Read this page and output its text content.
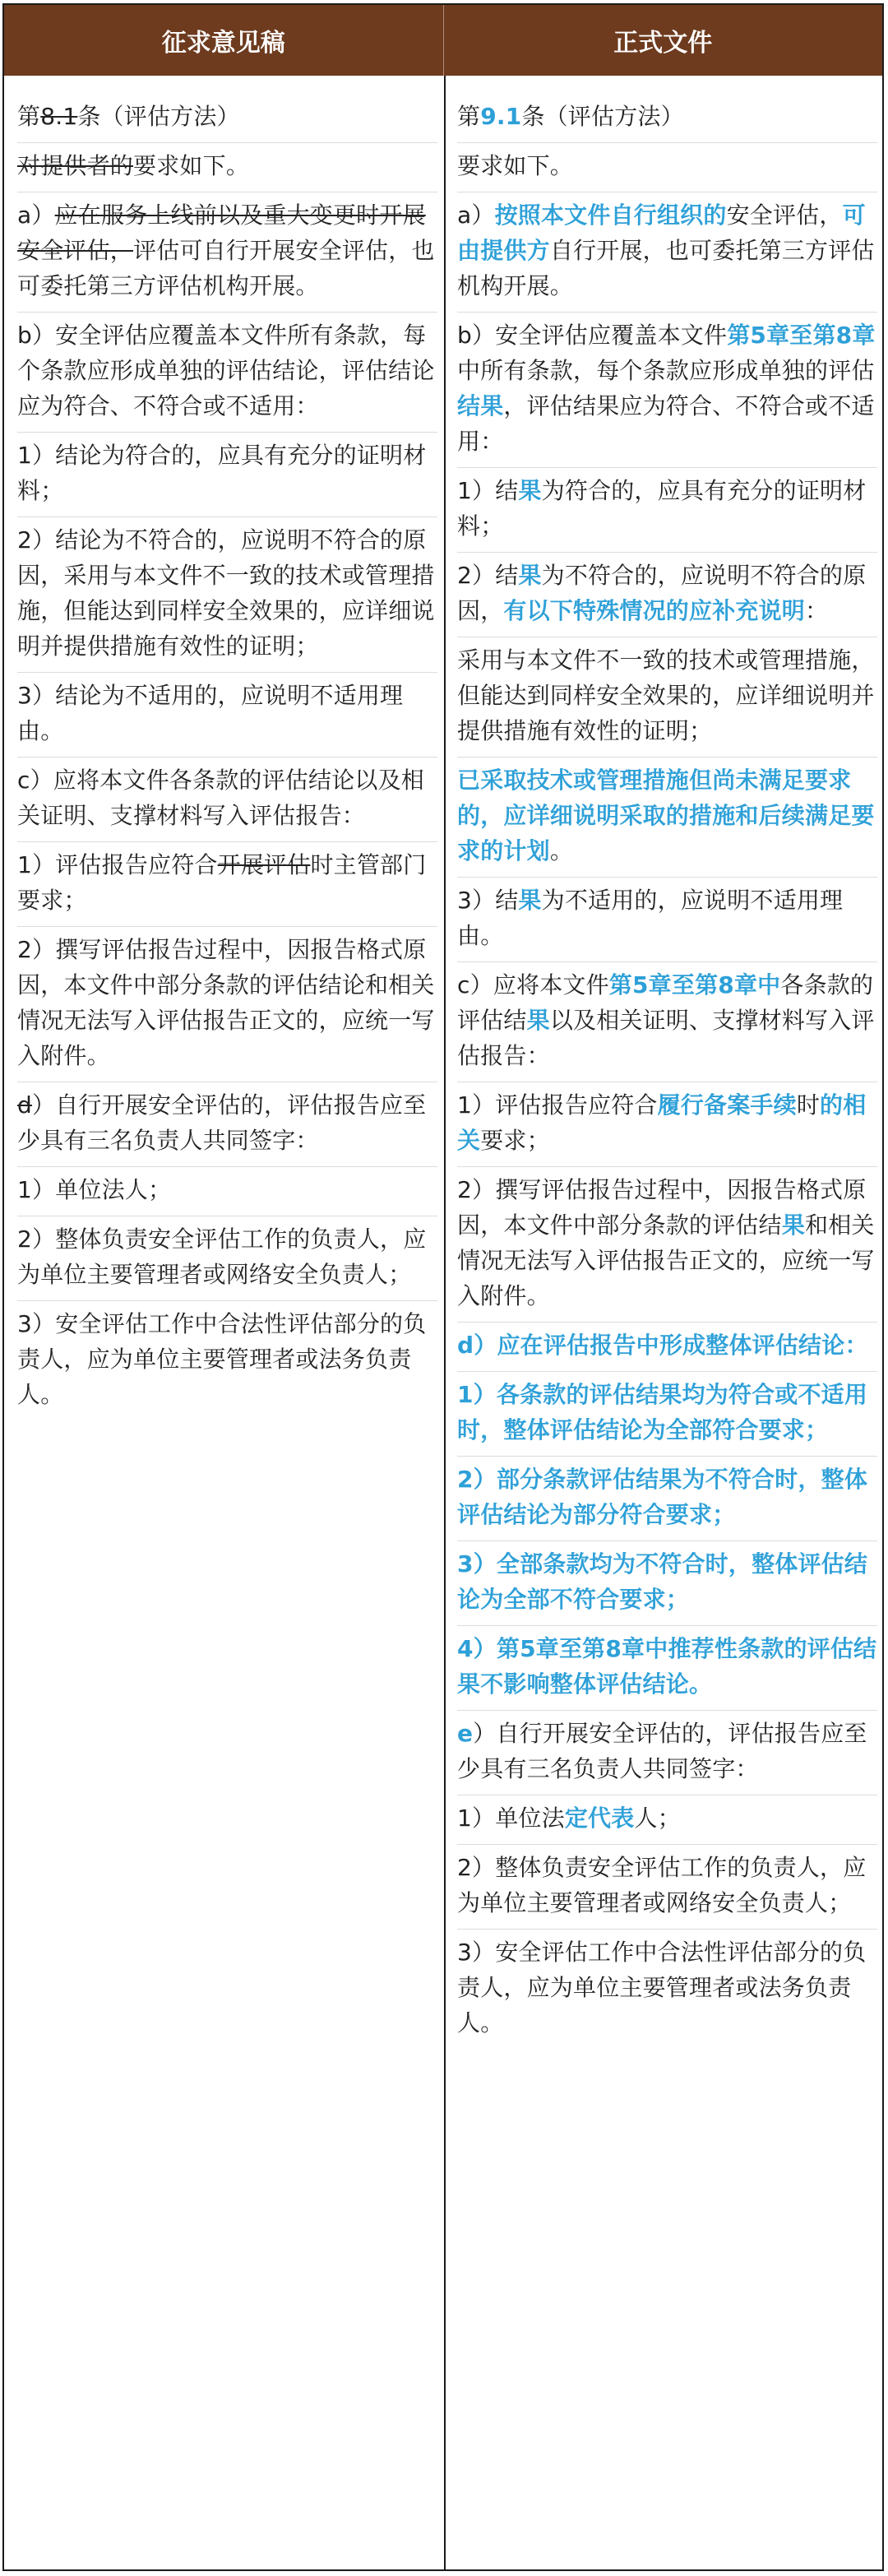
征求意见稿	正式文件
第8.1条（评估方法）
对提供者的要求如下。
a）应在服务上线前以及重大变更时开展安全评估，评估可自行开展安全评估，也可委托第三方评估机构开展。
b）安全评估应覆盖本文件所有条款，每个条款应形成单独的评估结论，评估结论应为符合、不符合或不适用：
1）结论为符合的，应具有充分的证明材料；
2）结论为不符合的，应说明不符合的原因，采用与本文件不一致的技术或管理措施，但能达到同样安全效果的，应详细说明并提供措施有效性的证明；
3）结论为不适用的，应说明不适用理由。
c）应将本文件各条款的评估结论以及相关证明、支撑材料写入评估报告：
1）评估报告应符合开展评估时主管部门要求；
2）撰写评估报告过程中，因报告格式原因，本文件中部分条款的评估结论和相关情况无法写入评估报告正文的，应统一写入附件。
d）自行开展安全评估的，评估报告应至少具有三名负责人共同签字：
1）单位法人；
2）整体负责安全评估工作的负责人，应为单位主要管理者或网络安全负责人；
3）安全评估工作中合法性评估部分的负责人，应为单位主要管理者或法务负责人。
第9.1条（评估方法）
要求如下。
a）按照本文件自行组织的安全评估，可由提供方自行开展，也可委托第三方评估机构开展。
b）安全评估应覆盖本文件第5章至第8章中所有条款，每个条款应形成单独的评估结果，评估结果应为符合、不符合或不适用：
1）结果为符合的，应具有充分的证明材料；
2）结果为不符合的，应说明不符合的原因，有以下特殊情况的应补充说明：
采用与本文件不一致的技术或管理措施，但能达到同样安全效果的，应详细说明并提供措施有效性的证明；
已采取技术或管理措施但尚未满足要求的，应详细说明采取的措施和后续满足要求的计划。
3）结果为不适用的，应说明不适用理由。
c）应将本文件第5章至第8章中各条款的评估结果以及相关证明、支撑材料写入评估报告：
1）评估报告应符合履行备案手续时的相关要求；
2）撰写评估报告过程中，因报告格式原因，本文件中部分条款的评估结果和相关情况无法写入评估报告正文的，应统一写入附件。
d）应在评估报告中形成整体评估结论：
1）各条款的评估结果均为符合或不适用时，整体评估结论为全部符合要求；
2）部分条款评估结果为不符合时，整体评估结论为部分符合要求；
3）全部条款均为不符合时，整体评估结论为全部不符合要求；
4）第5章至第8章中推荐性条款的评估结果不影响整体评估结论。
e）自行开展安全评估的，评估报告应至少具有三名负责人共同签字：
1）单位法定代表人；
2）整体负责安全评估工作的负责人，应为单位主要管理者或网络安全负责人；
3）安全评估工作中合法性评估部分的负责人，应为单位主要管理者或法务负责人。
